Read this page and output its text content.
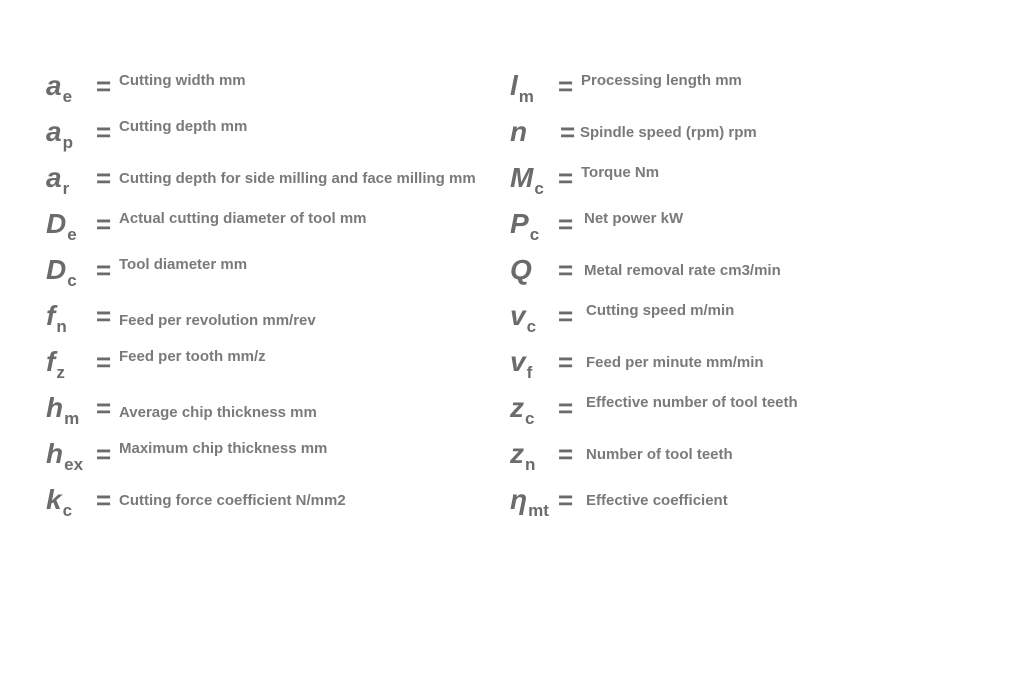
$a_e$ = Cutting width mm
$a_p$ = Cutting depth mm
$a_r$ = Cutting depth for side milling and face milling mm
$D_e$ = Actual cutting diameter of tool mm
$D_c$ = Tool diameter mm
$f_n$ = Feed per revolution mm/rev
$f_z$ = Feed per tooth mm/z
$h_m$ = Average chip thickness mm
$h_{ex}$ = Maximum chip thickness mm
$k_c$ = Cutting force coefficient N/mm2
$l_m$ = Processing length mm
n = Spindle speed (rpm) rpm
$M_c$ = Torque Nm
$P_c$ = Net power kW
Q = Metal removal rate cm3/min
$v_c$ = Cutting speed m/min
$v_f$ = Feed per minute mm/min
$z_c$ = Effective number of tool teeth
$z_n$ = Number of tool teeth
$\eta_{mt}$ = Effective coefficient
